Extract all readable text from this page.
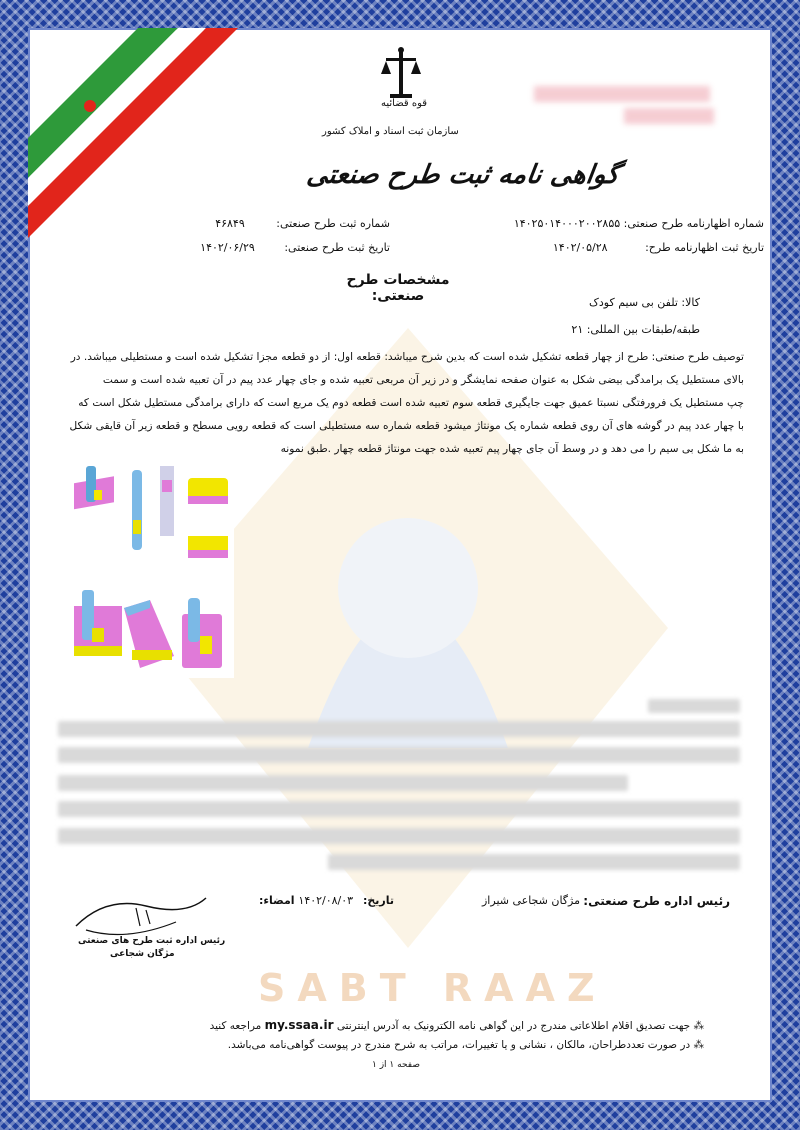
SABT RAAZ
قوه قضائیه
سازمان ثبت اسناد و املاک کشور
گواهی نامه ثبت طرح صنعتی
شماره اظهارنامه طرح صنعتی: ۱۴۰۲۵۰۱۴۰۰۰۲۰۰۲۸۵۵
شماره ثبت طرح صنعتی: ۴۶۸۴۹
تاریخ ثبت اظهارنامه طرح: ۱۴۰۲/۰۵/۲۸
تاریخ ثبت طرح صنعتی: ۱۴۰۲/۰۶/۲۹
مشخصات طرح صنعتی:	کالا: تلفن بی سیم کودک
طبقه/طبقات بین المللی: ۲۱
توصیف طرح صنعتی: طرح از چهار قطعه تشکیل شده است که بدین شرح میباشد: قطعه اول: از دو قطعه مجزا تشکیل شده است و مستطیلی میباشد. در
بالای مستطیل یک برامدگی بیضی شکل به عنوان صفحه نمایشگر و در زیر آن مربعی تعبیه شده و جای چهار عدد پیم در آن تعبیه شده است و سمت
چپ مستطیل یک فرورفتگی نسبتا عمیق جهت جایگیری قطعه سوم تعبیه شده است قطعه دوم یک مربع است که دارای برامدگی مستطیل شکل است که
با چهار عدد پیم در گوشه های آن روی قطعه شماره یک مونتاژ میشود قطعه شماره سه مستطیلی است که قطعه رویی مسطح و قطعه زیر آن قایقی شکل
به ما شکل بی سیم را می دهد و در وسط آن جای چهار پیم تعبیه شده جهت مونتاژ قطعه چهار .طبق نمونه
رئیس اداره طرح صنعتی:
مژگان شجاعی شیراز
تاریخ: ۱۴۰۲/۰۸/۰۳ امضاء:
رئیس اداره ثبت طرح های صنعتی
مژگان شجاعی
⁂ جهت تصدیق اقلام اطلاعاتی مندرج در این گواهی نامه الکترونیک به آدرس اینترنتی my.ssaa.ir مراجعه کنید
⁂ در صورت تعددطراحان، مالکان ، نشانی و یا تغییرات، مراتب به شرح مندرج در پیوست گواهی‌نامه می‌باشد.
صفحه ۱ از ۱
